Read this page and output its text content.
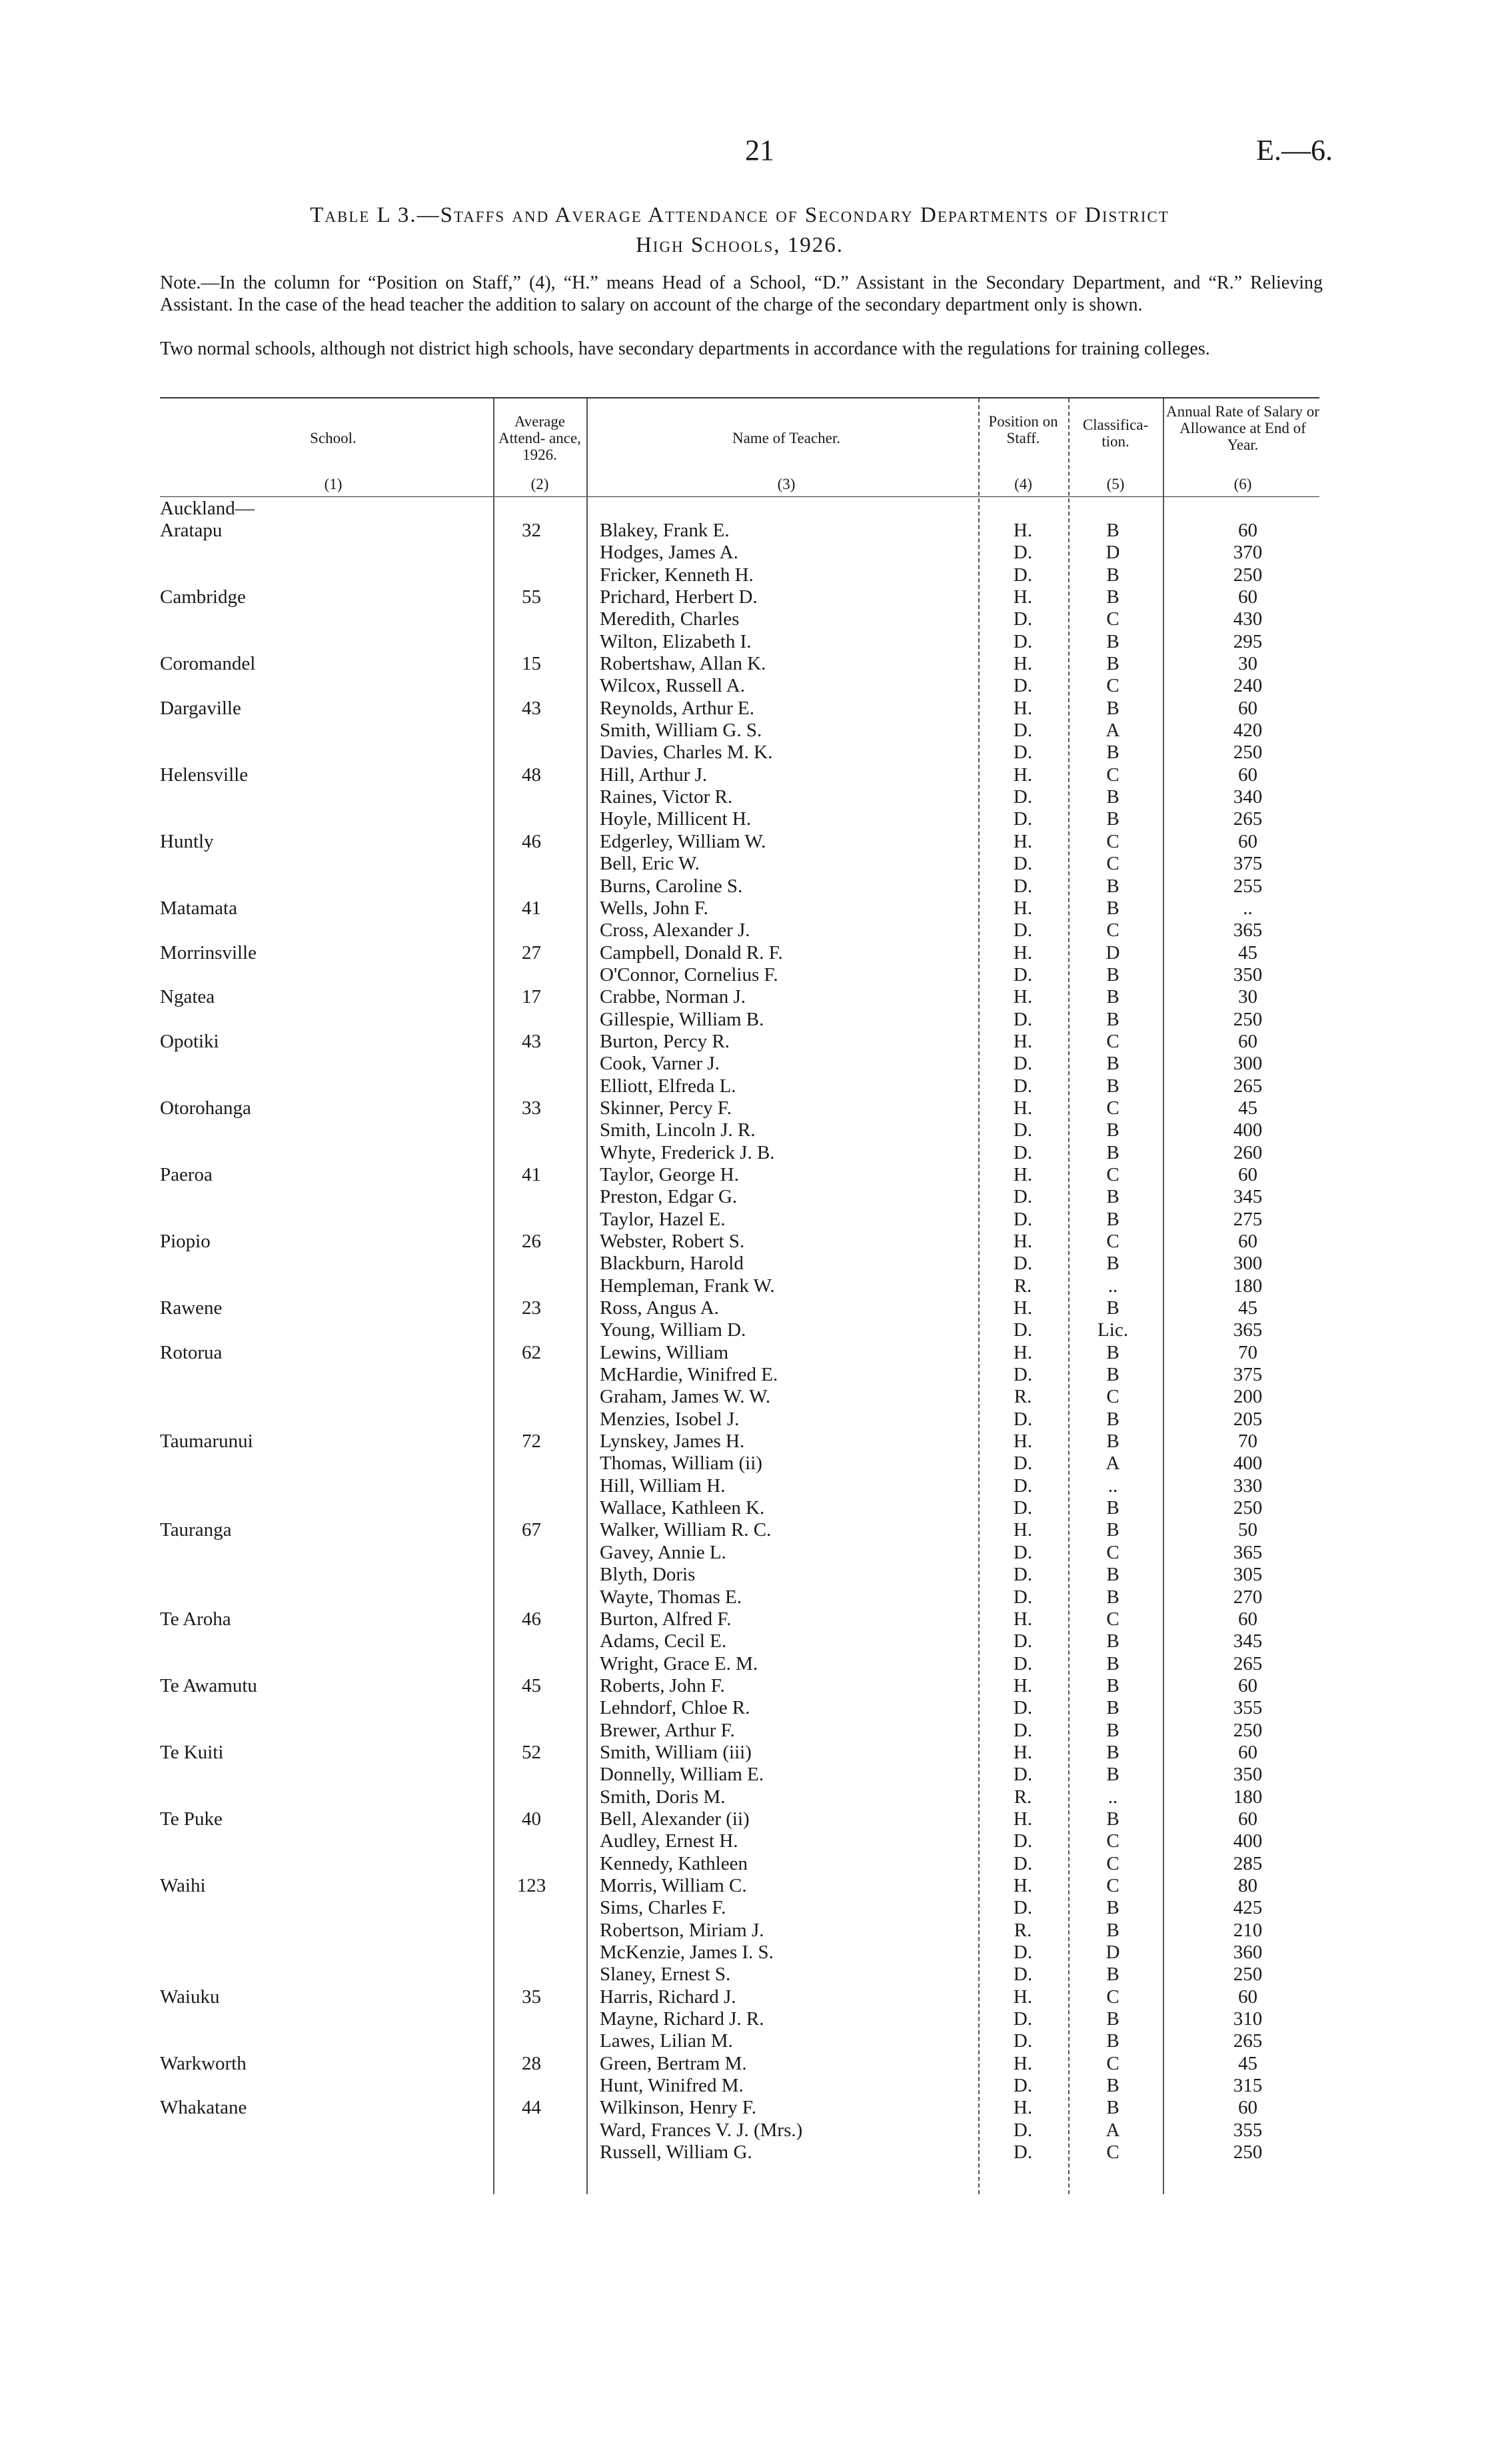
21	E.—6.
Table L 3.—Staffs and Average Attendance of Secondary Departments of District
High Schools, 1926.
Note.—In the column for “Position on Staff,” (4), “H.” means Head of a School, “D.” Assistant in the Secondary Department, and “R.” Relieving Assistant. In the case of the head teacher the addition to salary on account of the charge of the secondary department only is shown.
Two normal schools, although not district high schools, have secondary departments in accordance with the regulations for training colleges.
School.
Average Attend- ance, 1926.
Name of Teacher.
Position on Staff.
Classifica- tion.
Annual Rate of Salary or Allowance at End of Year.
(1)	(2)	(3)	(4)	(5)	(6)
Auckland—
Aratapu	32	Blakey, Frank E.	H.	B	60
Hodges, James A.	D.	D	370
Fricker, Kenneth H.	D.	B	250
Cambridge	55	Prichard, Herbert D.	H.	B	60
Meredith, Charles	D.	C	430
Wilton, Elizabeth I.	D.	B	295
Coromandel	15	Robertshaw, Allan K.	H.	B	30
Wilcox, Russell A.	D.	C	240
Dargaville	43	Reynolds, Arthur E.	H.	B	60
Smith, William G. S.	D.	A	420
Davies, Charles M. K.	D.	B	250
Helensville	48	Hill, Arthur J.	H.	C	60
Raines, Victor R.	D.	B	340
Hoyle, Millicent H.	D.	B	265
Huntly	46	Edgerley, William W.	H.	C	60
Bell, Eric W.	D.	C	375
Burns, Caroline S.	D.	B	255
Matamata	41	Wells, John F.	H.	B	..
Cross, Alexander J.	D.	C	365
Morrinsville	27	Campbell, Donald R. F.	H.	D	45
O'Connor, Cornelius F.	D.	B	350
Ngatea	17	Crabbe, Norman J.	H.	B	30
Gillespie, William B.	D.	B	250
Opotiki	43	Burton, Percy R.	H.	C	60
Cook, Varner J.	D.	B	300
Elliott, Elfreda L.	D.	B	265
Otorohanga	33	Skinner, Percy F.	H.	C	45
Smith, Lincoln J. R.	D.	B	400
Whyte, Frederick J. B.	D.	B	260
Paeroa	41	Taylor, George H.	H.	C	60
Preston, Edgar G.	D.	B	345
Taylor, Hazel E.	D.	B	275
Piopio	26	Webster, Robert S.	H.	C	60
Blackburn, Harold	D.	B	300
Hempleman, Frank W.	R.	..	180
Rawene	23	Ross, Angus A.	H.	B	45
Young, William D.	D.	Lic.	365
Rotorua	62	Lewins, William	H.	B	70
McHardie, Winifred E.	D.	B	375
Graham, James W. W.	R.	C	200
Menzies, Isobel J.	D.	B	205
Taumarunui	72	Lynskey, James H.	H.	B	70
Thomas, William (ii)	D.	A	400
Hill, William H.	D.	..	330
Wallace, Kathleen K.	D.	B	250
Tauranga	67	Walker, William R. C.	H.	B	50
Gavey, Annie L.	D.	C	365
Blyth, Doris	D.	B	305
Wayte, Thomas E.	D.	B	270
Te Aroha	46	Burton, Alfred F.	H.	C	60
Adams, Cecil E.	D.	B	345
Wright, Grace E. M.	D.	B	265
Te Awamutu	45	Roberts, John F.	H.	B	60
Lehndorf, Chloe R.	D.	B	355
Brewer, Arthur F.	D.	B	250
Te Kuiti	52	Smith, William (iii)	H.	B	60
Donnelly, William E.	D.	B	350
Smith, Doris M.	R.	..	180
Te Puke	40	Bell, Alexander (ii)	H.	B	60
Audley, Ernest H.	D.	C	400
Kennedy, Kathleen	D.	C	285
Waihi	123	Morris, William C.	H.	C	80
Sims, Charles F.	D.	B	425
Robertson, Miriam J.	R.	B	210
McKenzie, James I. S.	D.	D	360
Slaney, Ernest S.	D.	B	250
Waiuku	35	Harris, Richard J.	H.	C	60
Mayne, Richard J. R.	D.	B	310
Lawes, Lilian M.	D.	B	265
Warkworth	28	Green, Bertram M.	H.	C	45
Hunt, Winifred M.	D.	B	315
Whakatane	44	Wilkinson, Henry F.	H.	B	60
Ward, Frances V. J. (Mrs.)	D.	A	355
Russell, William G.	D.	C	250
